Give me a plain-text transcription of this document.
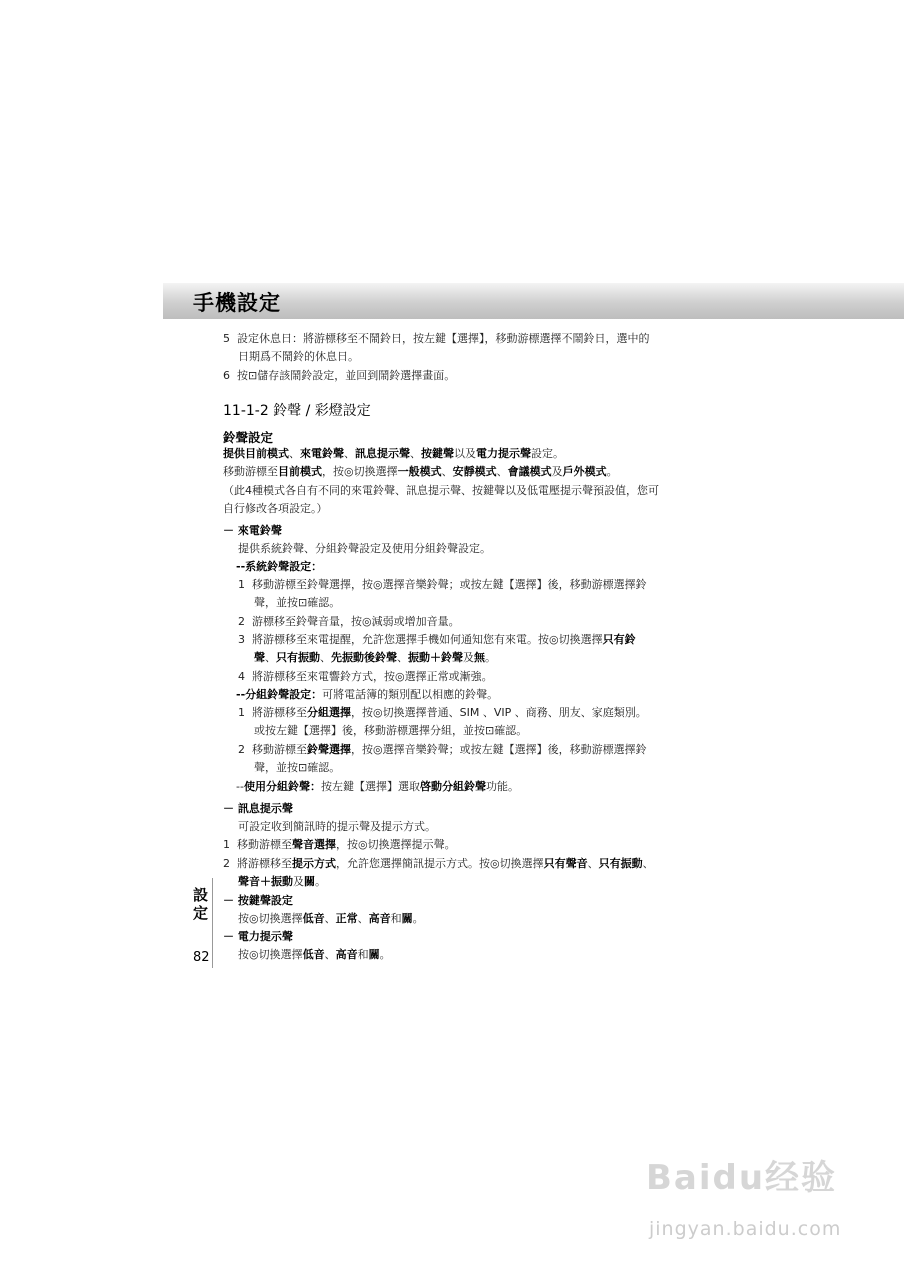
手機設定
5 設定休息日：將游標移至不鬧鈴日，按左鍵【選擇】，移動游標選擇不鬧鈴日，選中的
日期爲不鬧鈴的休息日。
6 按⊡儲存該鬧鈴設定，並回到鬧鈴選擇畫面。
11-1-2 鈴聲 / 彩燈設定
鈴聲設定
提供目前模式、來電鈴聲、訊息提示聲、按鍵聲以及電力提示聲設定。
移動游標至目前模式，按◎切換選擇一般模式、安靜模式、會議模式及戶外模式。
（此4種模式各自有不同的來電鈴聲、訊息提示聲、按鍵聲以及低電壓提示聲預設值，您可
自行修改各項設定。）
－ 來電鈴聲
提供系統鈴聲、分組鈴聲設定及使用分組鈴聲設定。
--系統鈴聲設定：
1 移動游標至鈴聲選擇，按◎選擇音樂鈴聲；或按左鍵【選擇】後，移動游標選擇鈴
聲，並按⊡確認。
2 游標移至鈴聲音量，按◎減弱或增加音量。
3 將游標移至來電提醒，允許您選擇手機如何通知您有來電。按◎切換選擇只有鈴
聲、只有振動、先振動後鈴聲、振動＋鈴聲及無。
4 將游標移至來電響鈴方式，按◎選擇正常或漸強。
--分組鈴聲設定：可將電話簿的類別配以相應的鈴聲。
1 將游標移至分組選擇，按◎切換選擇普通、SIM 、VIP 、商務、朋友、家庭類別。
或按左鍵【選擇】後，移動游標選擇分組，並按⊡確認。
2 移動游標至鈴聲選擇，按◎選擇音樂鈴聲；或按左鍵【選擇】後，移動游標選擇鈴
聲，並按⊡確認。
--使用分組鈴聲：按左鍵【選擇】選取啓動分組鈴聲功能。
－ 訊息提示聲
可設定收到簡訊時的提示聲及提示方式。
1 移動游標至聲音選擇，按◎切換選擇提示聲。
2 將游標移至提示方式，允許您選擇簡訊提示方式。按◎切換選擇只有聲音、只有振動、
聲音＋振動及關。
－ 按鍵聲設定
按◎切換選擇低音、正常、高音和關。
－ 電力提示聲
按◎切換選擇低音、高音和關。
設
定
82
Baidu经验
jingyan.baidu.com
